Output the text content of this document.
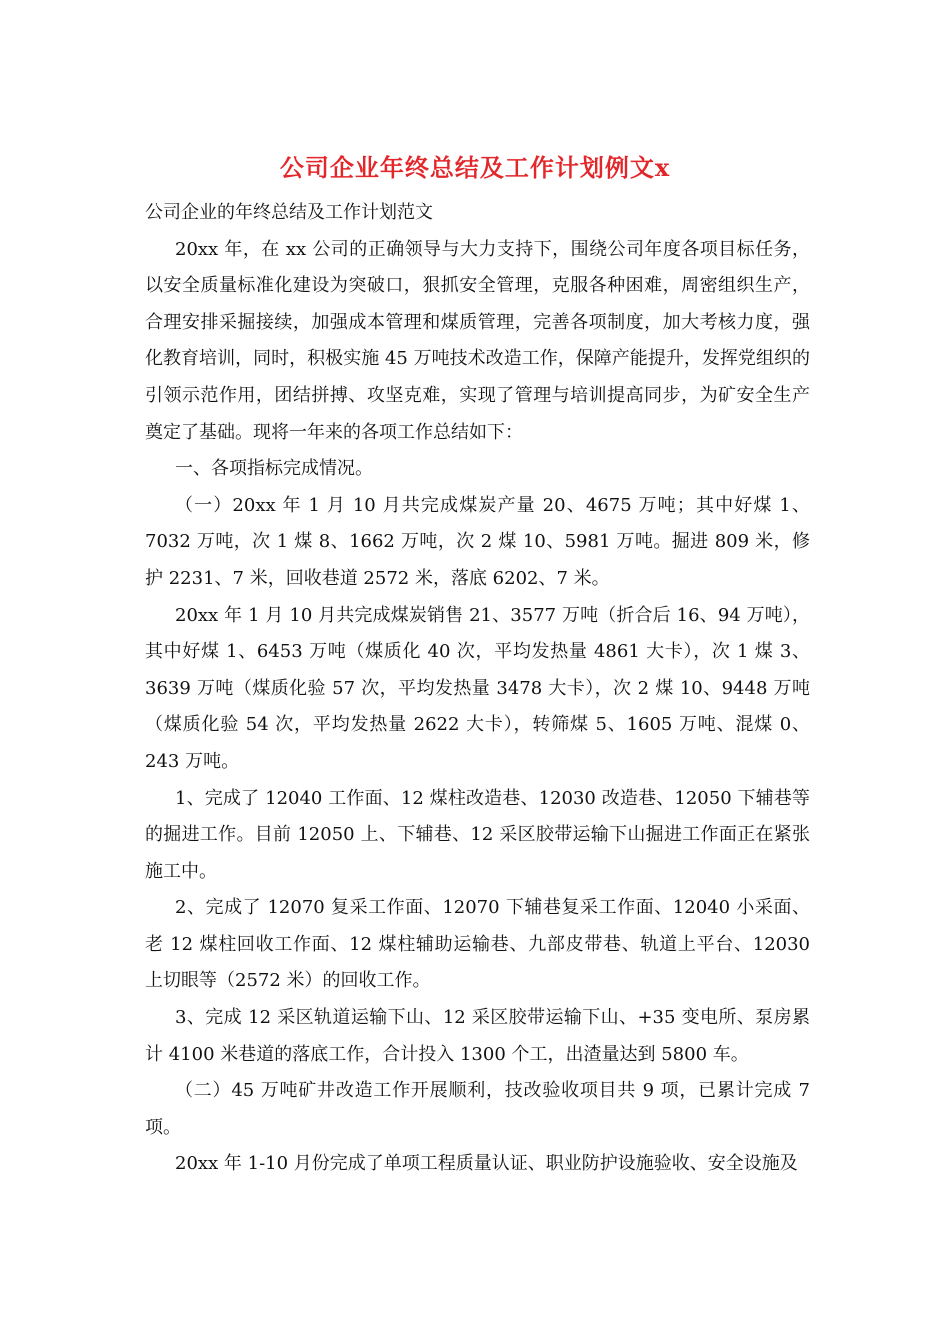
公司企业年终总结及工作计划例文x

公司企业的年终总结及工作计划范文

20xx 年，在 xx 公司的正确领导与大力支持下，围绕公司年度各项目标任务，以安全质量标准化建设为突破口，狠抓安全管理，克服各种困难，周密组织生产，合理安排采掘接续，加强成本管理和煤质管理，完善各项制度，加大考核力度，强化教育培训，同时，积极实施 45 万吨技术改造工作，保障产能提升，发挥党组织的引领示范作用，团结拼搏、攻坚克难，实现了管理与培训提高同步，为矿安全生产奠定了基础。现将一年来的各项工作总结如下：

一、各项指标完成情况。

（一）20xx 年 1 月 10 月共完成煤炭产量 20、4675 万吨；其中好煤 1、7032 万吨，次 1 煤 8、1662 万吨，次 2 煤 10、5981 万吨。掘进 809 米，修护 2231、7 米，回收巷道 2572 米，落底 6202、7 米。

20xx 年 1 月 10 月共完成煤炭销售 21、3577 万吨（折合后 16、94 万吨），其中好煤 1、6453 万吨（煤质化 40 次，平均发热量 4861 大卡），次 1 煤 3、3639 万吨（煤质化验 57 次，平均发热量 3478 大卡），次 2 煤 10、9448 万吨（煤质化验 54 次，平均发热量 2622 大卡），转筛煤 5、1605 万吨、混煤 0、243 万吨。

1、完成了 12040 工作面、12 煤柱改造巷、12030 改造巷、12050 下辅巷等的掘进工作。目前 12050 上、下辅巷、12 采区胶带运输下山掘进工作面正在紧张施工中。

2、完成了 12070 复采工作面、12070 下辅巷复采工作面、12040 小采面、老 12 煤柱回收工作面、12 煤柱辅助运输巷、九部皮带巷、轨道上平台、12030 上切眼等（2572 米）的回收工作。

3、完成 12 采区轨道运输下山、12 采区胶带运输下山、+35 变电所、泵房累计 4100 米巷道的落底工作，合计投入 1300 个工，出渣量达到 5800 车。

（二）45 万吨矿井改造工作开展顺利，技改验收项目共 9 项，已累计完成 7 项。

20xx 年 1-10 月份完成了单项工程质量认证、职业防护设施验收、安全设施及
